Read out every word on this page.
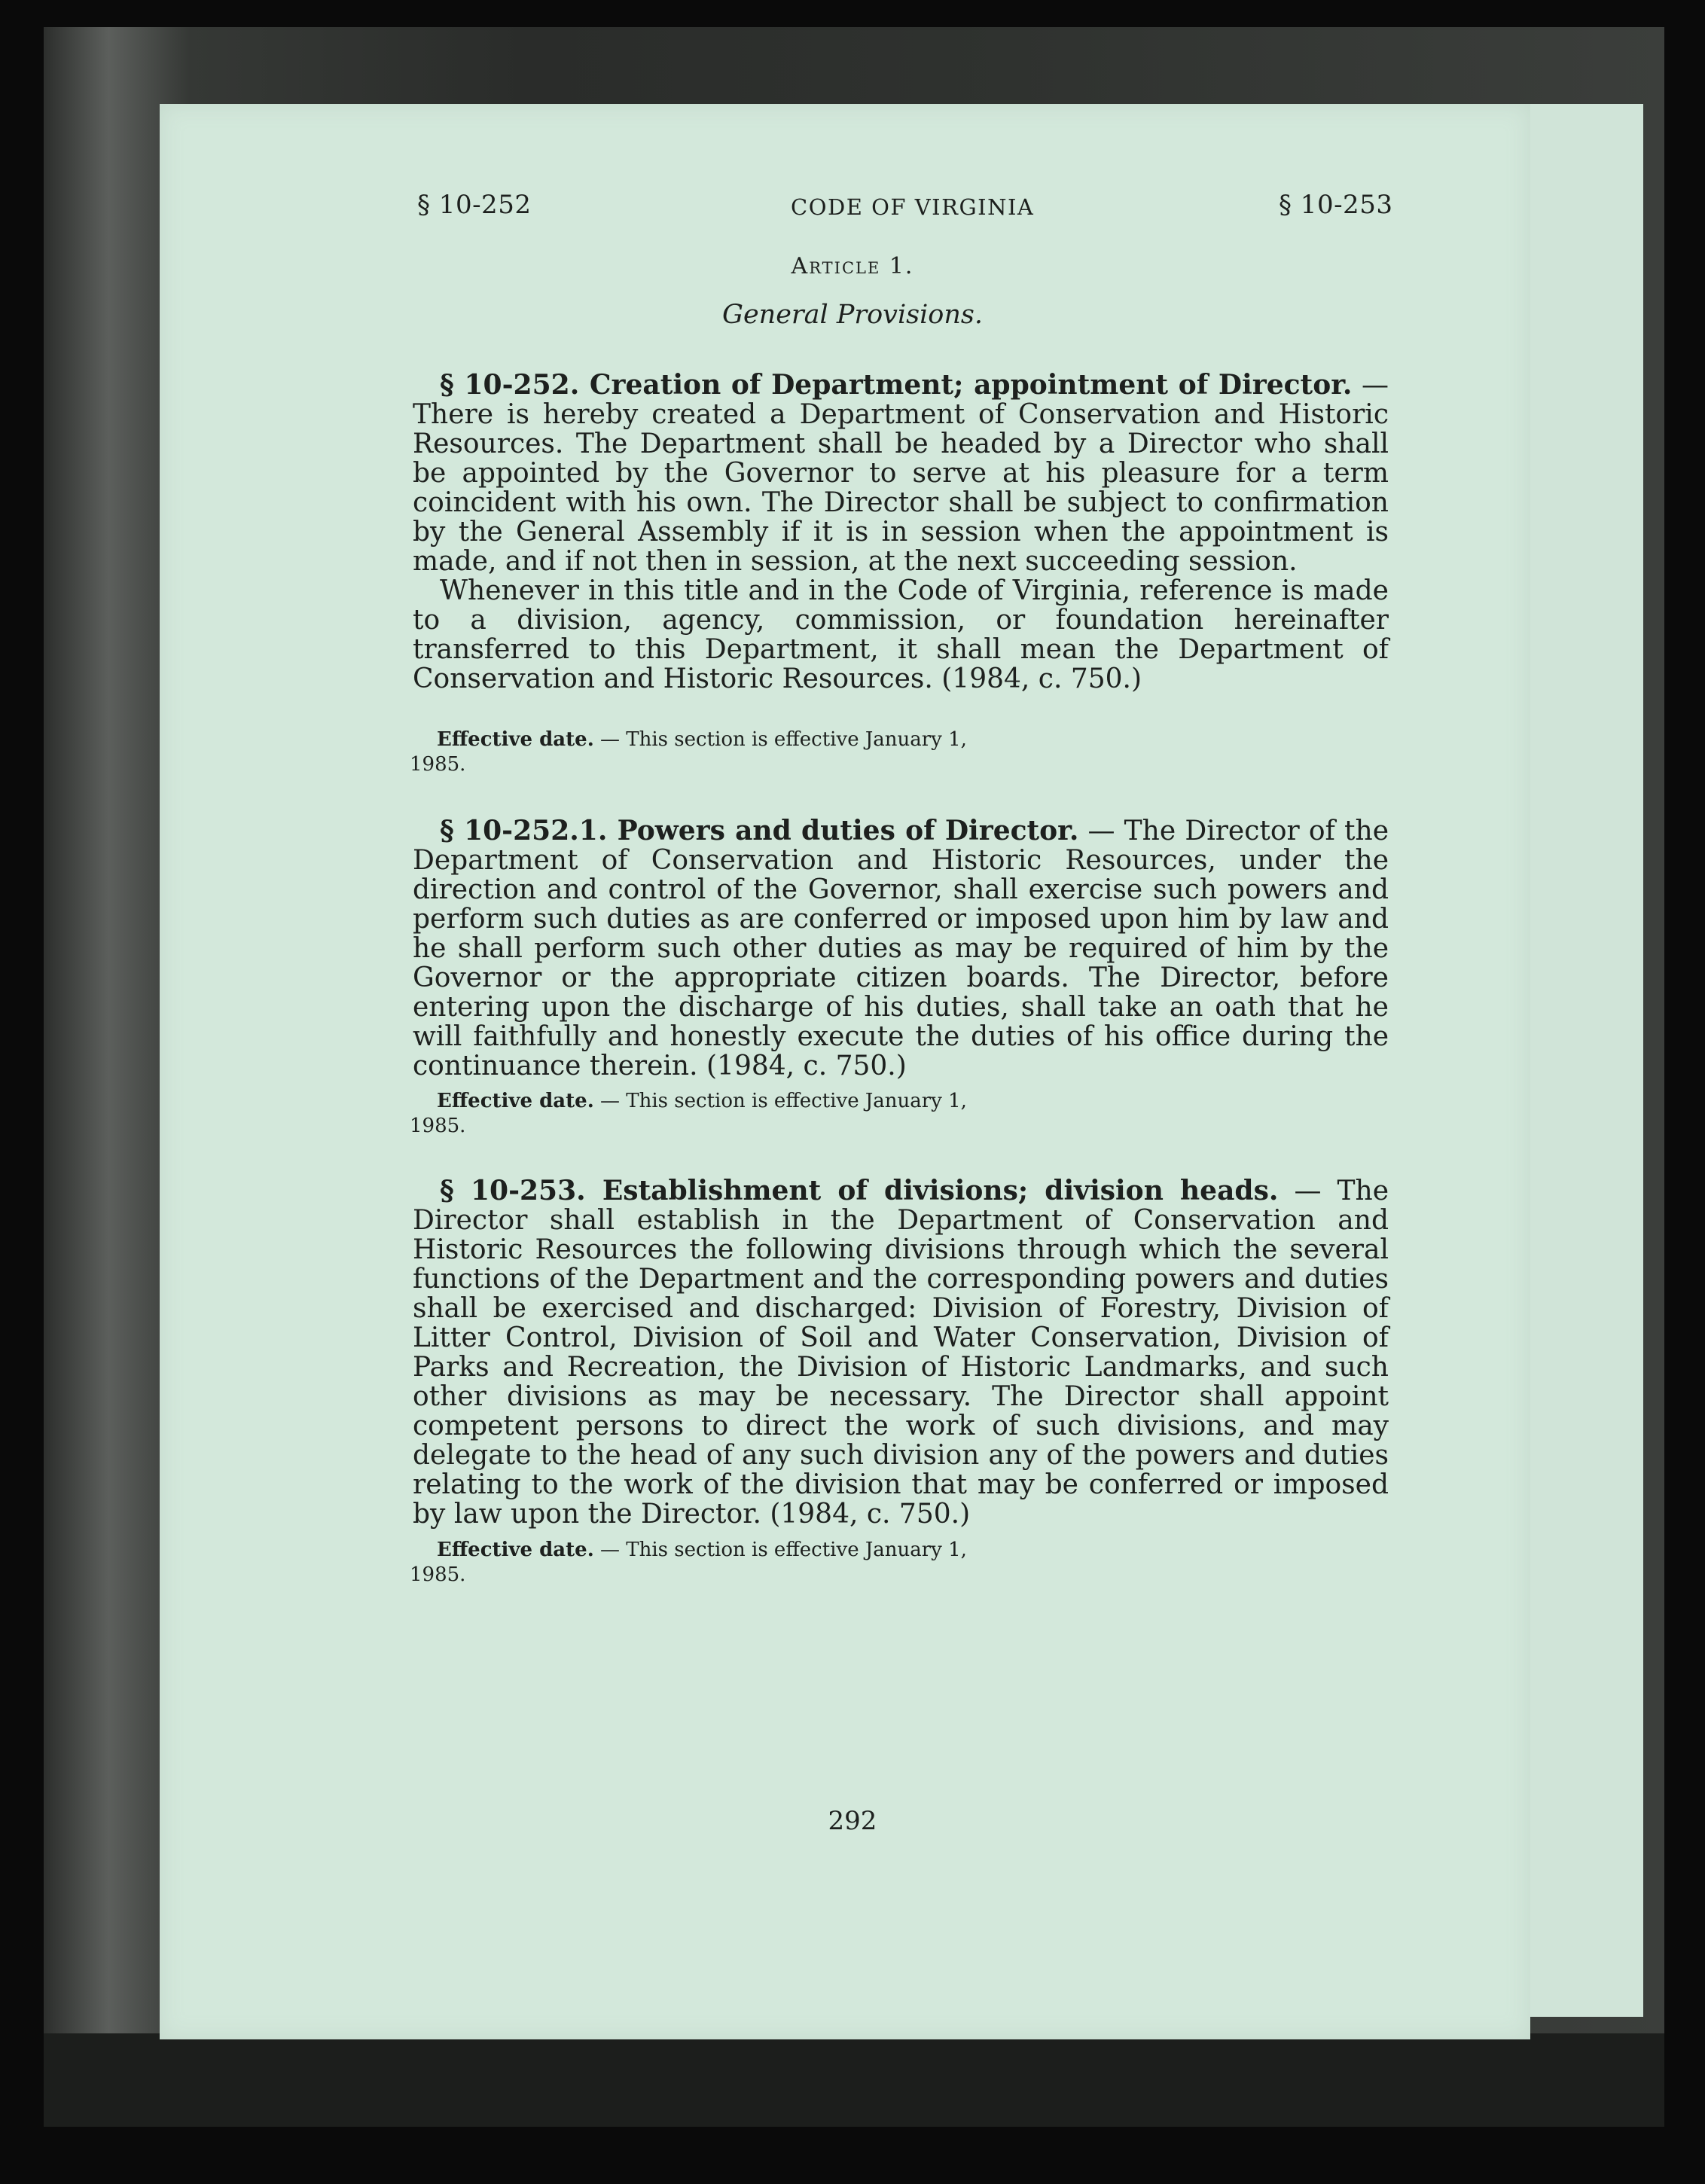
§ 10-252	CODE OF VIRGINIA	§ 10-253
Article 1.
General Provisions.

§ 10-252. Creation of Department; appointment of Director. — There is hereby created a Department of Conservation and Historic Resources. The Department shall be headed by a Director who shall be appointed by the Governor to serve at his pleasure for a term coincident with his own. The Director shall be subject to confirmation by the General Assembly if it is in session when the appointment is made, and if not then in session, at the next succeeding session.

Whenever in this title and in the Code of Virginia, reference is made to a division, agency, commission, or foundation hereinafter transferred to this Department, it shall mean the Department of Conservation and Historic Resources. (1984, c. 750.)

Effective date. — This section is effective January 1, 1985.

§ 10-252.1. Powers and duties of Director. — The Director of the Department of Conservation and Historic Resources, under the direction and control of the Governor, shall exercise such powers and perform such duties as are conferred or imposed upon him by law and he shall perform such other duties as may be required of him by the Governor or the appropriate citizen boards. The Director, before entering upon the discharge of his duties, shall take an oath that he will faithfully and honestly execute the duties of his office during the continuance therein. (1984, c. 750.)

Effective date. — This section is effective January 1, 1985.

§ 10-253. Establishment of divisions; division heads. — The Director shall establish in the Department of Conservation and Historic Resources the following divisions through which the several functions of the Department and the corresponding powers and duties shall be exercised and discharged: Division of Forestry, Division of Litter Control, Division of Soil and Water Conservation, Division of Parks and Recreation, the Division of Historic Landmarks, and such other divisions as may be necessary. The Director shall appoint competent persons to direct the work of such divisions, and may delegate to the head of any such division any of the powers and duties relating to the work of the division that may be conferred or imposed by law upon the Director. (1984, c. 750.)

Effective date. — This section is effective January 1, 1985.
292
